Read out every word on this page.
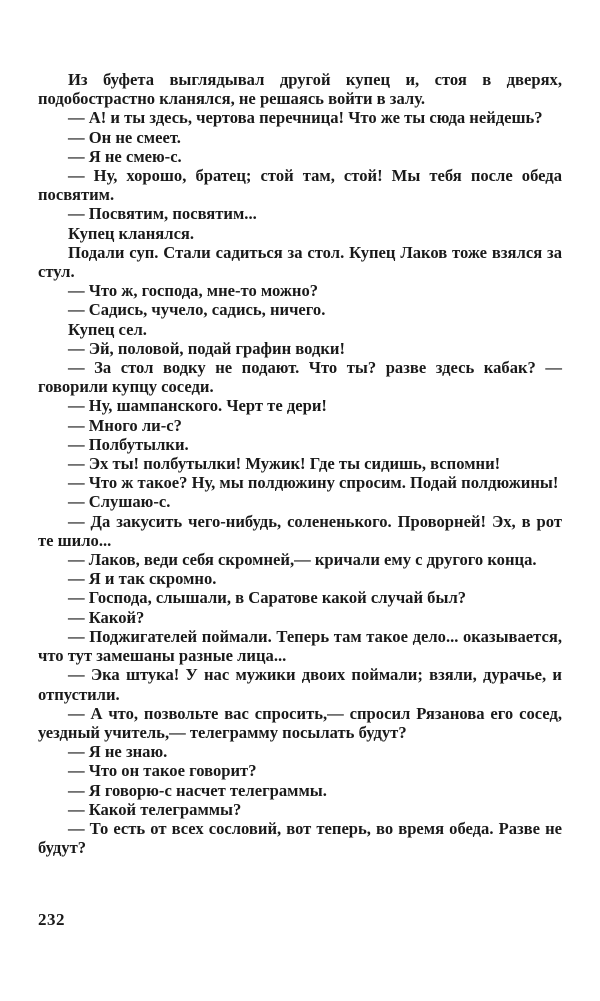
Из буфета выглядывал другой купец и, стоя в дверях, подобострастно кланялся, не решаясь войти в залу.

— А! и ты здесь, чертова перечница! Что же ты сюда нейдешь?

— Он не смеет.

— Я не смею-с.

— Ну, хорошо, братец; стой там, стой! Мы тебя после обеда посвятим.

— Посвятим, посвятим...

Купец кланялся.

Подали суп. Стали садиться за стол. Купец Лаков тоже взялся за стул.

— Что ж, господа, мне-то можно?

— Садись, чучело, садись, ничего.

Купец сел.

— Эй, половой, подай графин водки!

— За стол водку не подают. Что ты? разве здесь кабак? — говорили купцу соседи.

— Ну, шампанского. Черт те дери!

— Много ли-с?

— Полбутылки.

— Эх ты! полбутылки! Мужик! Где ты сидишь, вспомни!

— Что ж такое? Ну, мы полдюжину спросим. Подай полдюжины!

— Слушаю-с.

— Да закусить чего-нибудь, солененького. Проворней! Эх, в рот те шило...

— Лаков, веди себя скромней,— кричали ему с другого конца.

— Я и так скромно.

— Господа, слышали, в Саратове какой случай был?

— Какой?

— Поджигателей поймали. Теперь там такое дело... оказывается, что тут замешаны разные лица...

— Эка штука! У нас мужики двоих поймали; взяли, дурачье, и отпустили.

— А что, позвольте вас спросить,— спросил Рязанова его сосед, уездный учитель,— телеграмму посылать будут?

— Я не знаю.

— Что он такое говорит?

— Я говорю-с насчет телеграммы.

— Какой телеграммы?

— То есть от всех сословий, вот теперь, во время обеда. Разве не будут?

232
